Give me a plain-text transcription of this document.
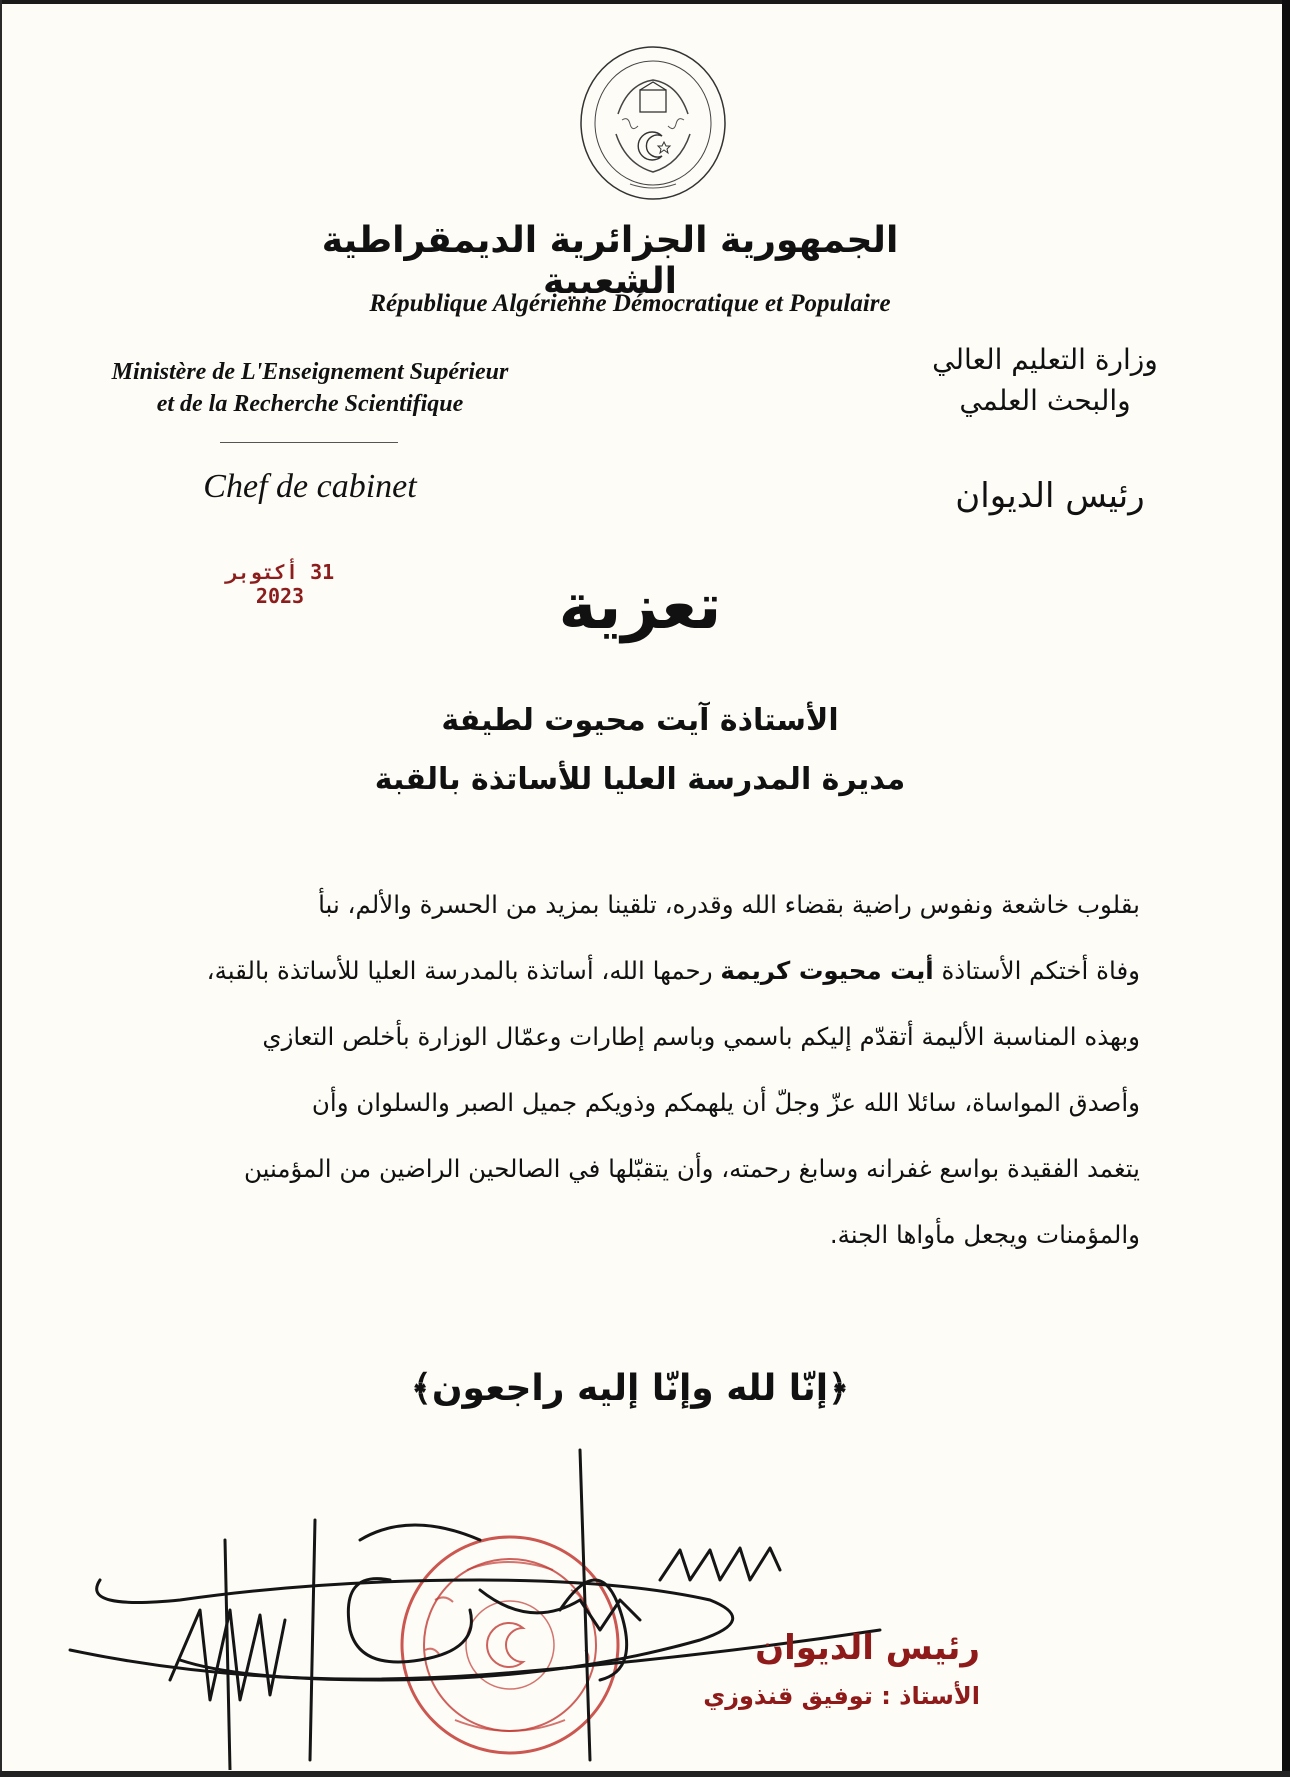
الجمهورية الجزائرية الديمقراطية الشعبية
République Algérienne Démocratique et Populaire
Ministère de L'Enseignement Supérieur
et de la Recherche Scientifique
وزارة التعليم العالي
والبحث العلمي
Chef de cabinet	رئيس الديوان
31 أكتوبر 2023	تعزية
الأستاذة آيت محيوت لطيفة
مديرة المدرسة العليا للأساتذة بالقبة
بقلوب خاشعة ونفوس راضية بقضاء الله وقدره، تلقينا بمزيد من الحسرة والألم، نبأ
وفاة أختكم الأستاذة أيت محيوت كريمة رحمها الله، أساتذة بالمدرسة العليا للأساتذة بالقبة،
وبهذه المناسبة الأليمة أتقدّم إليكم باسمي وباسم إطارات وعمّال الوزارة بأخلص التعازي
وأصدق المواساة، سائلا الله عزّ وجلّ أن يلهمكم وذويكم جميل الصبر والسلوان وأن
يتغمد الفقيدة بواسع غفرانه وسابغ رحمته، وأن يتقبّلها في الصالحين الراضين من المؤمنين
والمؤمنات ويجعل مأواها الجنة.
﴿إنّا لله وإنّا إليه راجعون﴾
رئيس الديوان
الأستاذ : توفيق قنذوزي
